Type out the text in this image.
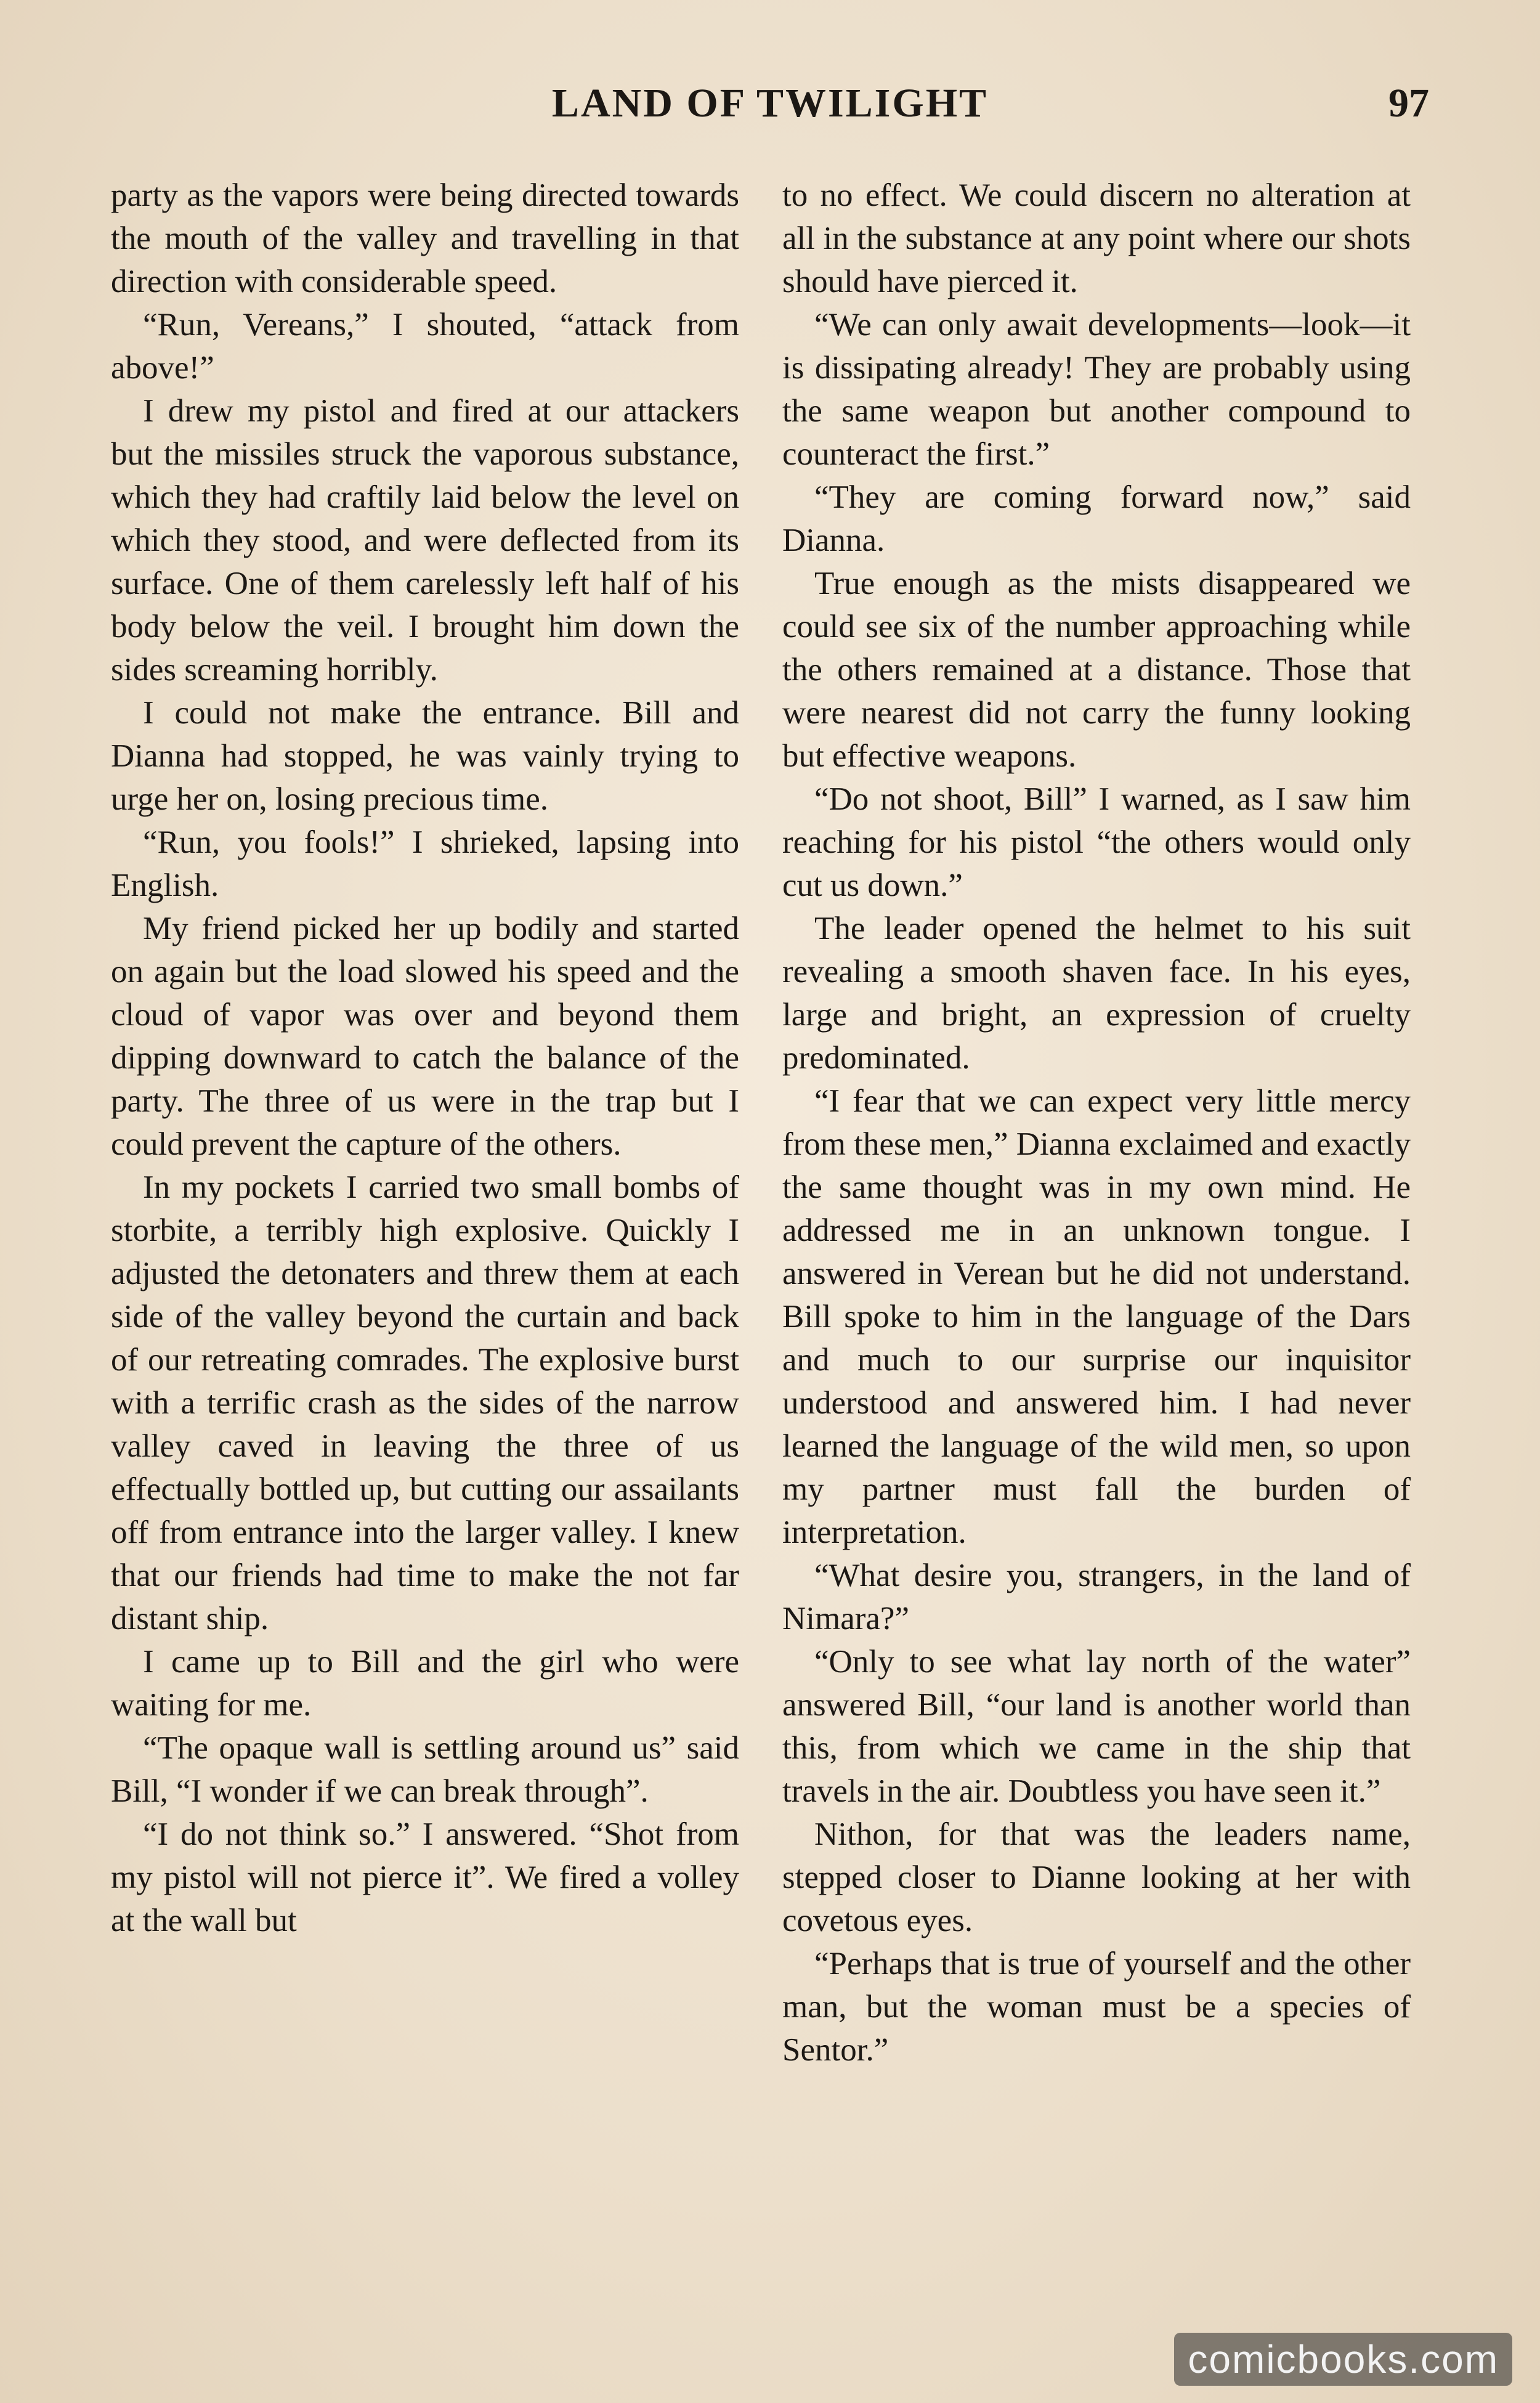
LAND OF TWILIGHT	97

party as the vapors were being directed towards the mouth of the valley and travelling in that direction with considerable speed.

“Run, Vereans,” I shouted, “attack from above!”

I drew my pistol and fired at our attackers but the missiles struck the vaporous substance, which they had craftily laid below the level on which they stood, and were deflected from its surface. One of them carelessly left half of his body below the veil. I brought him down the sides screaming horribly.

I could not make the entrance. Bill and Dianna had stopped, he was vainly trying to urge her on, losing precious time.

“Run, you fools!” I shrieked, lapsing into English.

My friend picked her up bodily and started on again but the load slowed his speed and the cloud of vapor was over and beyond them dipping downward to catch the balance of the party. The three of us were in the trap but I could prevent the capture of the others.

In my pockets I carried two small bombs of storbite, a terribly high explosive. Quickly I adjusted the detonaters and threw them at each side of the valley beyond the curtain and back of our retreating comrades. The explosive burst with a terrific crash as the sides of the narrow valley caved in leaving the three of us effectually bottled up, but cutting our assailants off from entrance into the larger valley. I knew that our friends had time to make the not far distant ship.

I came up to Bill and the girl who were waiting for me.

“The opaque wall is settling around us” said Bill, “I wonder if we can break through”.

“I do not think so.” I answered. “Shot from my pistol will not pierce it”. We fired a volley at the wall but

to no effect. We could discern no alteration at all in the substance at any point where our shots should have pierced it.

“We can only await developments—look—it is dissipating already! They are probably using the same weapon but another compound to counteract the first.”

“They are coming forward now,” said Dianna.

True enough as the mists disappeared we could see six of the number approaching while the others remained at a distance. Those that were nearest did not carry the funny looking but effective weapons.

“Do not shoot, Bill” I warned, as I saw him reaching for his pistol “the others would only cut us down.”

The leader opened the helmet to his suit revealing a smooth shaven face. In his eyes, large and bright, an expression of cruelty predominated.

“I fear that we can expect very little mercy from these men,” Dianna exclaimed and exactly the same thought was in my own mind. He addressed me in an unknown tongue. I answered in Verean but he did not understand. Bill spoke to him in the language of the Dars and much to our surprise our inquisitor understood and answered him. I had never learned the language of the wild men, so upon my partner must fall the burden of interpretation.

“What desire you, strangers, in the land of Nimara?”

“Only to see what lay north of the water” answered Bill, “our land is another world than this, from which we came in the ship that travels in the air. Doubtless you have seen it.”

Nithon, for that was the leaders name, stepped closer to Dianne looking at her with covetous eyes.

“Perhaps that is true of yourself and the other man, but the woman must be a species of Sentor.”

comicbooks.com
